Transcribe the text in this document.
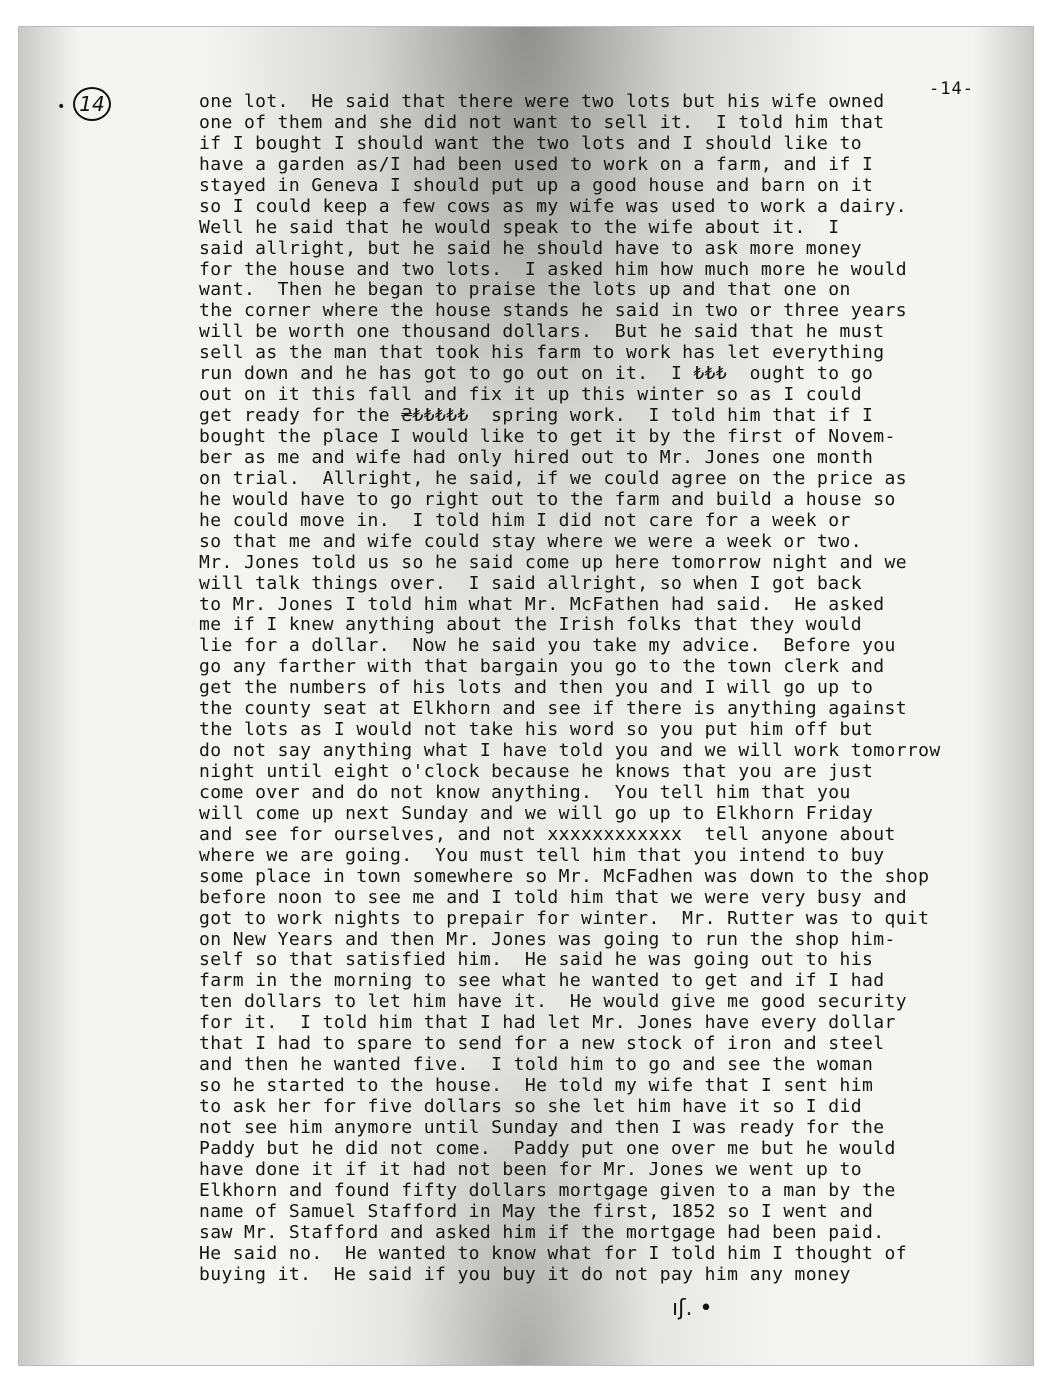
• 14
-14-
one lot.  He said that there were two lots but his wife owned
one of them and she did not want to sell it.  I told him that
if I bought I should want the two lots and I should like to
have a garden as/I had been used to work on a farm, and if I
stayed in Geneva I should put up a good house and barn on it
so I could keep a few cows as my wife was used to work a dairy.
Well he said that he would speak to the wife about it.  I
said allright, but he said he should have to ask more money
for the house and two lots.  I asked him how much more he would
want.  Then he began to praise the lots up and that one on
the corner where the house stands he said in two or three years
will be worth one thousand dollars.  But he said that he must
sell as the man that took his farm to work has let everything
run down and he has got to go out on it.  I ₺₺₺  ought to go
out on it this fall and fix it up this winter so as I could
get ready for the ₴₺₺₺₺₺  spring work.  I told him that if I
bought the place I would like to get it by the first of Novem-
ber as me and wife had only hired out to Mr. Jones one month
on trial.  Allright, he said, if we could agree on the price as
he would have to go right out to the farm and build a house so
he could move in.  I told him I did not care for a week or
so that me and wife could stay where we were a week or two.
Mr. Jones told us so he said come up here tomorrow night and we
will talk things over.  I said allright, so when I got back
to Mr. Jones I told him what Mr. McFathen had said.  He asked
me if I knew anything about the Irish folks that they would
lie for a dollar.  Now he said you take my advice.  Before you
go any farther with that bargain you go to the town clerk and
get the numbers of his lots and then you and I will go up to
the county seat at Elkhorn and see if there is anything against
the lots as I would not take his word so you put him off but
do not say anything what I have told you and we will work tomorrow
night until eight o'clock because he knows that you are just
come over and do not know anything.  You tell him that you
will come up next Sunday and we will go up to Elkhorn Friday
and see for ourselves, and not xxxxxxxxxxxx  tell anyone about
where we are going.  You must tell him that you intend to buy
some place in town somewhere so Mr. McFadhen was down to the shop
before noon to see me and I told him that we were very busy and
got to work nights to prepair for winter.  Mr. Rutter was to quit
on New Years and then Mr. Jones was going to run the shop him-
self so that satisfied him.  He said he was going out to his
farm in the morning to see what he wanted to get and if I had
ten dollars to let him have it.  He would give me good security
for it.  I told him that I had let Mr. Jones have every dollar
that I had to spare to send for a new stock of iron and steel
and then he wanted five.  I told him to go and see the woman
so he started to the house.  He told my wife that I sent him
to ask her for five dollars so she let him have it so I did
not see him anymore until Sunday and then I was ready for the
Paddy but he did not come.  Paddy put one over me but he would
have done it if it had not been for Mr. Jones we went up to
Elkhorn and found fifty dollars mortgage given to a man by the
name of Samuel Stafford in May the first, 1852 so I went and
saw Mr. Stafford and asked him if the mortgage had been paid.
He said no.  He wanted to know what for I told him I thought of
buying it.  He said if you buy it do not pay him any money
ıʃ. •
